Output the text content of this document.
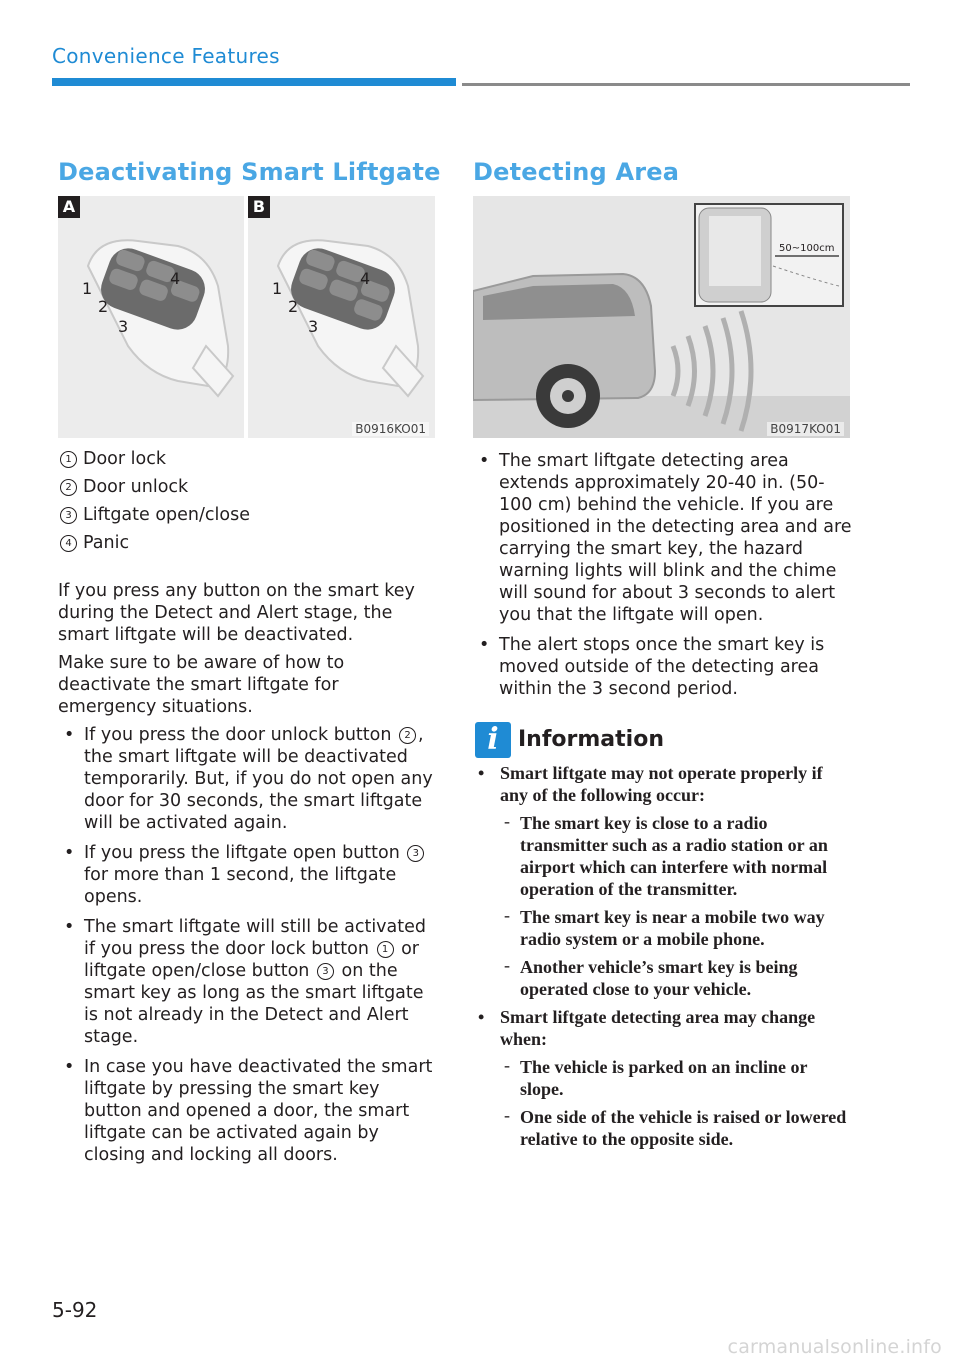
Convenience Features
Deactivating Smart Liftgate
1
2
3
4
1
2
3
4
A	B
B0916KO01
1 Door lock
2 Door unlock
3 Liftgate open/close
4 Panic
If you press any button on the smart key during the Detect and Alert stage, the smart liftgate will be deactivated.
Make sure to be aware of how to deactivate the smart liftgate for emergency situations.
• If you press the door unlock button 2 , the smart liftgate will be deactivated temporarily. But, if you do not open any door for 30 seconds, the smart liftgate will be activated again.
• If you press the liftgate open button 3 for more than 1 second, the liftgate opens.
• The smart liftgate will still be activated if you press the door lock button 1 or liftgate open/close button 3 on the smart key as long as the smart liftgate is not already in the Detect and Alert stage.
• In case you have deactivated the smart liftgate by pressing the smart key button and opened a door, the smart liftgate can be activated again by closing and locking all doors.
Detecting Area
50~100cm
B0917KO01
• The smart liftgate detecting area extends approximately 20-40 in. (50-100 cm) behind the vehicle. If you are positioned in the detecting area and are carrying the smart key, the hazard warning lights will blink and the chime will sound for about 3 seconds to alert you that the liftgate will open.
• The alert stops once the smart key is moved outside of the detecting area within the 3 second period.
i Information
• Smart liftgate may not operate properly if any of the following occur:
- The smart key is close to a radio transmitter such as a radio station or an airport which can interfere with normal operation of the transmitter.
- The smart key is near a mobile two way radio system or a mobile phone.
- Another vehicle’s smart key is being operated close to your vehicle.
• Smart liftgate detecting area may change when:
- The vehicle is parked on an incline or slope.
- One side of the vehicle is raised or lowered relative to the opposite side.
5-92
carmanualsonline.info
